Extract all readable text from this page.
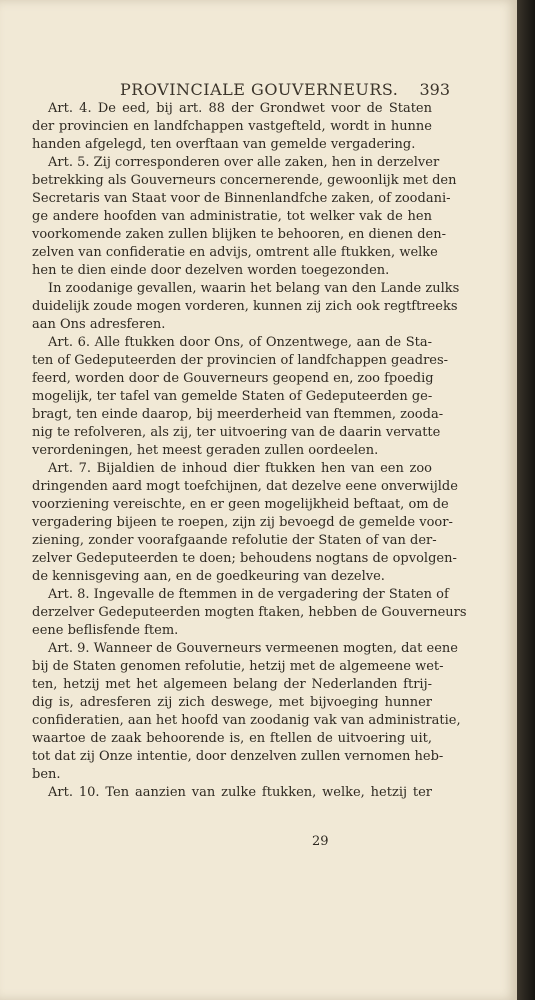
PROVINCIALE GOUVERNEURS. 393
Art. 4. De eed, bij art. 88 der Grondwet voor de Staten
der provincien en landfchappen vastgefteld, wordt in hunne
handen afgelegd, ten overftaan van gemelde vergadering.
Art. 5. Zij corresponderen over alle zaken, hen in derzelver
betrekking als Gouverneurs concernerende, gewoonlijk met den
Secretaris van Staat voor de Binnenlandfche zaken, of zoodani-
ge andere hoofden van administratie, tot welker vak de hen
voorkomende zaken zullen blijken te behooren, en dienen den-
zelven van confideratie en advijs, omtrent alle ftukken, welke
hen te dien einde door dezelven worden toegezonden.
In zoodanige gevallen, waarin het belang van den Lande zulks
duidelijk zoude mogen vorderen, kunnen zij zich ook regtftreeks
aan Ons adresferen.
Art. 6. Alle ftukken door Ons, of Onzentwege, aan de Sta-
ten of Gedeputeerden der provincien of landfchappen geadres-
feerd, worden door de Gouverneurs geopend en, zoo fpoedig
mogelijk, ter tafel van gemelde Staten of Gedeputeerden ge-
bragt, ten einde daarop, bij meerderheid van ftemmen, zooda-
nig te refolveren, als zij, ter uitvoering van de daarin vervatte
verordeningen, het meest geraden zullen oordeelen.
Art. 7. Bijaldien de inhoud dier ftukken hen van een zoo
dringenden aard mogt toefchijnen, dat dezelve eene onverwijlde
voorziening vereischte, en er geen mogelijkheid beftaat, om de
vergadering bijeen te roepen, zijn zij bevoegd de gemelde voor-
ziening, zonder voorafgaande refolutie der Staten of van der-
zelver Gedeputeerden te doen; behoudens nogtans de opvolgen-
de kennisgeving aan, en de goedkeuring van dezelve.
Art. 8. Ingevalle de ftemmen in de vergadering der Staten of
derzelver Gedeputeerden mogten ftaken, hebben de Gouverneurs
eene beflisfende ftem.
Art. 9. Wanneer de Gouverneurs vermeenen mogten, dat eene
bij de Staten genomen refolutie, hetzij met de algemeene wet-
ten, hetzij met het algemeen belang der Nederlanden ftrij-
dig is, adresferen zij zich deswege, met bijvoeging hunner
confideratien, aan het hoofd van zoodanig vak van administratie,
waartoe de zaak behoorende is, en ftellen de uitvoering uit,
tot dat zij Onze intentie, door denzelven zullen vernomen heb-
ben.
Art. 10. Ten aanzien van zulke ftukken, welke, hetzij ter
29
